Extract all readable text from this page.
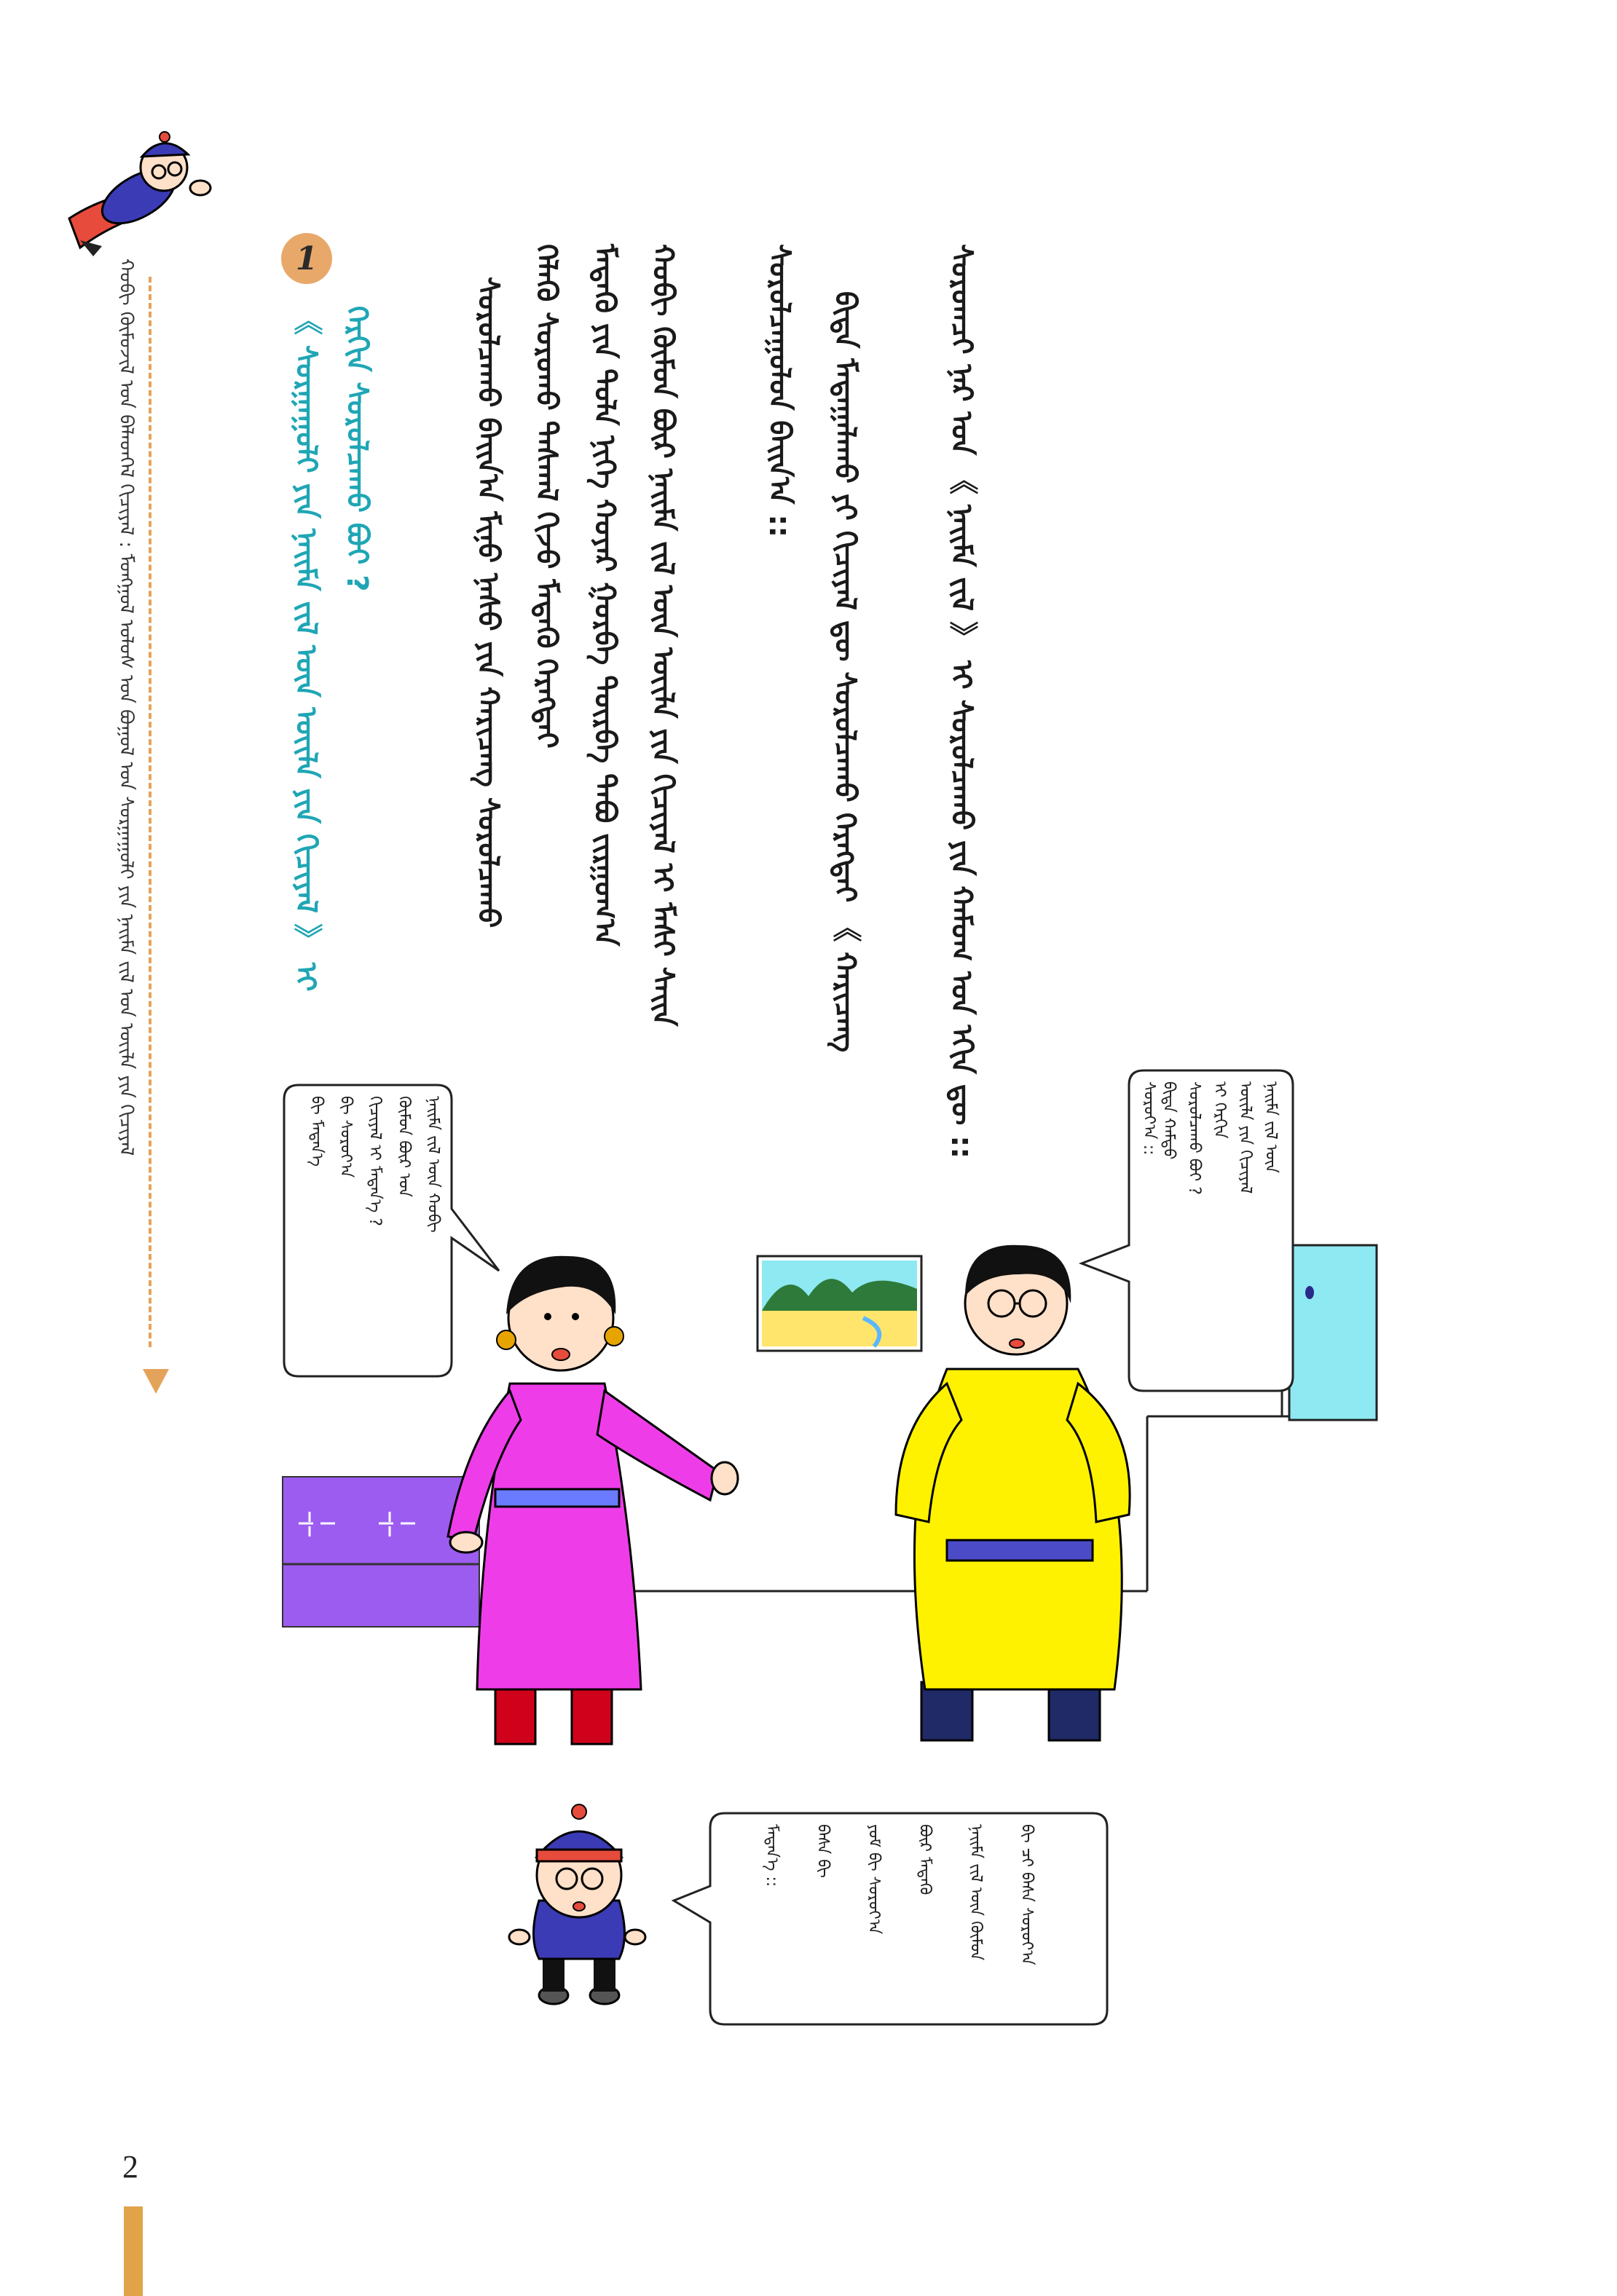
ᠬᠤᠪᠢ ᠬᠦᠮᠦᠵᠢᠯ ᠤᠨ ᠪᠡᠯᠡᠳᠬᠡᠯ ᠬᠢᠴᠢᠶᠡᠯ : ᠮᠣᠩᠭᠣᠯ ᠤᠯᠤᠰ ᠤᠨ ᠪᠤᠭᠤᠯ ᠤᠨ ᠰᠤᠷᠭᠠᠭᠤᠯᠢ ᠶᠢᠨ ᠨᠠᠢᠮᠠ ᠵᠢᠯ ᠤᠨ ᠦᠢᠯᠡ ᠶᠢᠨ ᠬᠢᠴᠢᠶᠡᠯ	1
《 ᠰᠤᠷᠭᠠᠭᠤᠯᠢ ᠶᠢᠨ ᠨᠠᠢᠮᠠ ᠵᠢᠯ ᠦᠨ ᠦᠢᠯᠡ ᠶᠢᠨ ᠬᠢᠴᠢᠶᠡᠯ 》 ᠢ ᠬᠡᠷᠬᠢᠨ ᠰᠤᠷᠤᠯᠴᠠᠬᠤ ᠪᠤᠢ ?	ᠰᠤᠷᠤᠯᠴᠠᠬᠤ ᠪᠠᠢᠨ᠎ᠠ ᠮᠢᠨᠦ ᠨᠠᠰᠤ ᠶᠢᠨ ᠬᠠᠷᠢᠴᠠᠩ ᠰᠤᠷᠤᠯᠴᠠᠬᠤ ᠬᠡᠯᠡᠬᠦ ᠰᠤᠷᠤᠬᠤ ᠳᠠᠰᠬᠠᠯ ᠬᠢᠵᠦ ᠮᠡᠳᠡᠬᠦ ᠬᠡᠷᠡᠭᠲᠡᠢ ᠮᠡᠳᠡᠬᠦ ᠶᠢᠨ ᠲᠤᠯᠠ ᠨᠢᠭᠡ ᠬᠣᠶᠠᠷ ᠭᠤᠷᠪᠠ ᠳᠥᠷᠪᠡ ᠲᠠᠪᠤ ᠵᠢᠷᠭᠤᠭ᠎ᠠ ᠬᠤᠪᠢ ᠬᠦᠮᠦᠨ ᠪᠦᠷ ᠨᠠᠢᠮᠠ ᠵᠢᠯ ᠦᠨ ᠦᠢᠯᠡ ᠶᠢᠨ ᠬᠢᠴᠢᠶᠡᠯ ᠢ ᠮᠠᠰᠢ ᠰᠠᠢᠨ	ᠰᠤᠷᠤᠯᠴᠠᠭᠤᠯᠤᠨ ᠪᠠᠢᠨ᠎ᠠ :: ᠪᠢᠳᠡ ᠮᠠᠲᠠᠭᠠᠯᠠᠬᠤ ᠶᠢ ᠬᠢᠴᠢᠶᠡᠯ ᠳᠦ ᠰᠤᠷᠤᠯᠴᠠᠬᠤ ᠬᠡᠷᠡᠭᠲᠡᠢ 《 ᠬᠠᠷᠢᠴᠠᠩ	ᠰᠤᠷᠤᠭᠴᠢ ᠨᠠᠷ ᠤᠨ 《 ᠨᠠᠢᠮᠠ ᠵᠢᠯ 》 ᠢ ᠰᠤᠷᠤᠯᠴᠠᠬᠤ ᠶᠢᠨ ᠬᠠᠮᠤᠭ ᠤᠨ ᠡᠬᠢᠨ ᠳᠦ ::
ᠨᠠᠢᠮᠠ ᠵᠢᠯ ᠦᠨ ᠬᠤᠪᠢ
ᠬᠦᠮᠦᠨ ᠪᠦᠷ ᠤᠨ
ᠬᠢᠴᠢᠶᠡᠯ ᠢ ᠮᠡᠳᠡᠨ᠎ᠡ ?
ᠪᠢ ᠰᠤᠷᠤᠶ᠎ᠠ
ᠪᠢ ᠮᠡᠳᠡᠨ᠎ᠡ	ᠨᠠᠢᠮᠠ ᠵᠢᠯ ᠦᠨ
ᠦᠢᠯᠡ ᠶᠢᠨ ᠬᠢᠴᠢᠶᠡᠯ
ᠢ ᠬᠡᠷᠬᠢᠨ
ᠰᠤᠷᠤᠯᠴᠠᠬᠤ ᠪᠤᠢ ?
ᠪᠢᠳᠡ ᠬᠠᠮᠲᠤ
ᠰᠤᠷᠤᠶ᠎ᠠ ::
ᠪᠢ ᠴᠢ ᠪᠠᠰᠠ ᠰᠤᠷᠤᠶ᠎ᠠ
ᠨᠠᠢᠮᠠ ᠵᠢᠯ ᠦᠨ ᠬᠦᠮᠦᠨ
ᠪᠦᠷ ᠮᠡᠳᠡᠬᠦ
ᠶᠤᠮ ᠪᠢ ᠰᠤᠷᠤᠶ᠎ᠠ
ᠪᠠᠰᠠ ᠪᠢ
ᠮᠡᠳᠡᠨ᠎ᠡ ::
2
